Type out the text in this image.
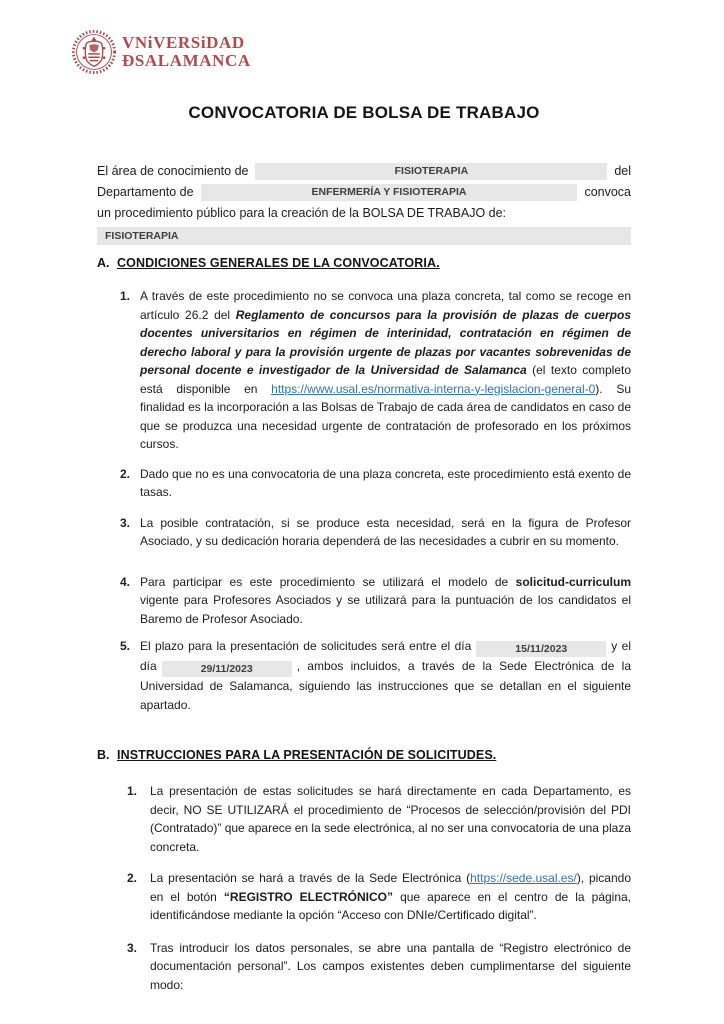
VNiVERSiDAD
ÐSALAMANCA
CONVOCATORIA DE BOLSA DE TRABAJO
El área de conocimiento de	FISIOTERAPIA	del
Departamento de	ENFERMERÍA Y FISIOTERAPIA	convoca
un procedimiento público para la creación de la BOLSA DE TRABAJO de:
FISIOTERAPIA
A. CONDICIONES GENERALES DE LA CONVOCATORIA.
1. A través de este procedimiento no se convoca una plaza concreta, tal como se recoge en artículo 26.2 del Reglamento de concursos para la provisión de plazas de cuerpos docentes universitarios en régimen de interinidad, contratación en régimen de derecho laboral y para la provisión urgente de plazas por vacantes sobrevenidas de personal docente e investigador de la Universidad de Salamanca (el texto completo está disponible en https://www.usal.es/normativa-interna-y-legislacion-general-0). Su finalidad es la incorporación a las Bolsas de Trabajo de cada área de candidatos en caso de que se produzca una necesidad urgente de contratación de profesorado en los próximos cursos.

2. Dado que no es una convocatoria de una plaza concreta, este procedimiento está exento de tasas.

3. La posible contratación, si se produce esta necesidad, será en la figura de Profesor Asociado, y su dedicación horaria dependerá de las necesidades a cubrir en su momento.

4. Para participar es este procedimiento se utilizará el modelo de solicitud-curriculum vigente para Profesores Asociados y se utilizará para la puntuación de los candidatos el Baremo de Profesor Asociado.

5. El plazo para la presentación de solicitudes será entre el día	15/11/2023	y el día	29/11/2023	, ambos incluidos, a través de la Sede Electrónica de la Universidad de Salamanca, siguiendo las instrucciones que se detallan en el siguiente apartado.

B. INSTRUCCIONES PARA LA PRESENTACIÓN DE SOLICITUDES.
1.	La presentación de estas solicitudes se hará directamente en cada Departamento, es decir, NO SE UTILIZARÁ el procedimiento de “Procesos de selección/provisión del PDI (Contratado)” que aparece en la sede electrónica, al no ser una convocatoria de una plaza concreta.

2.	La presentación se hará a través de la Sede Electrónica (https://sede.usal.es/), picando en el botón “REGISTRO ELECTRÓNICO” que aparece en el centro de la página, identificándose mediante la opción “Acceso con DNIe/Certificado digital”.

3.	Tras introducir los datos personales, se abre una pantalla de “Registro electrónico de documentación personal”. Los campos existentes deben cumplimentarse del siguiente modo:
